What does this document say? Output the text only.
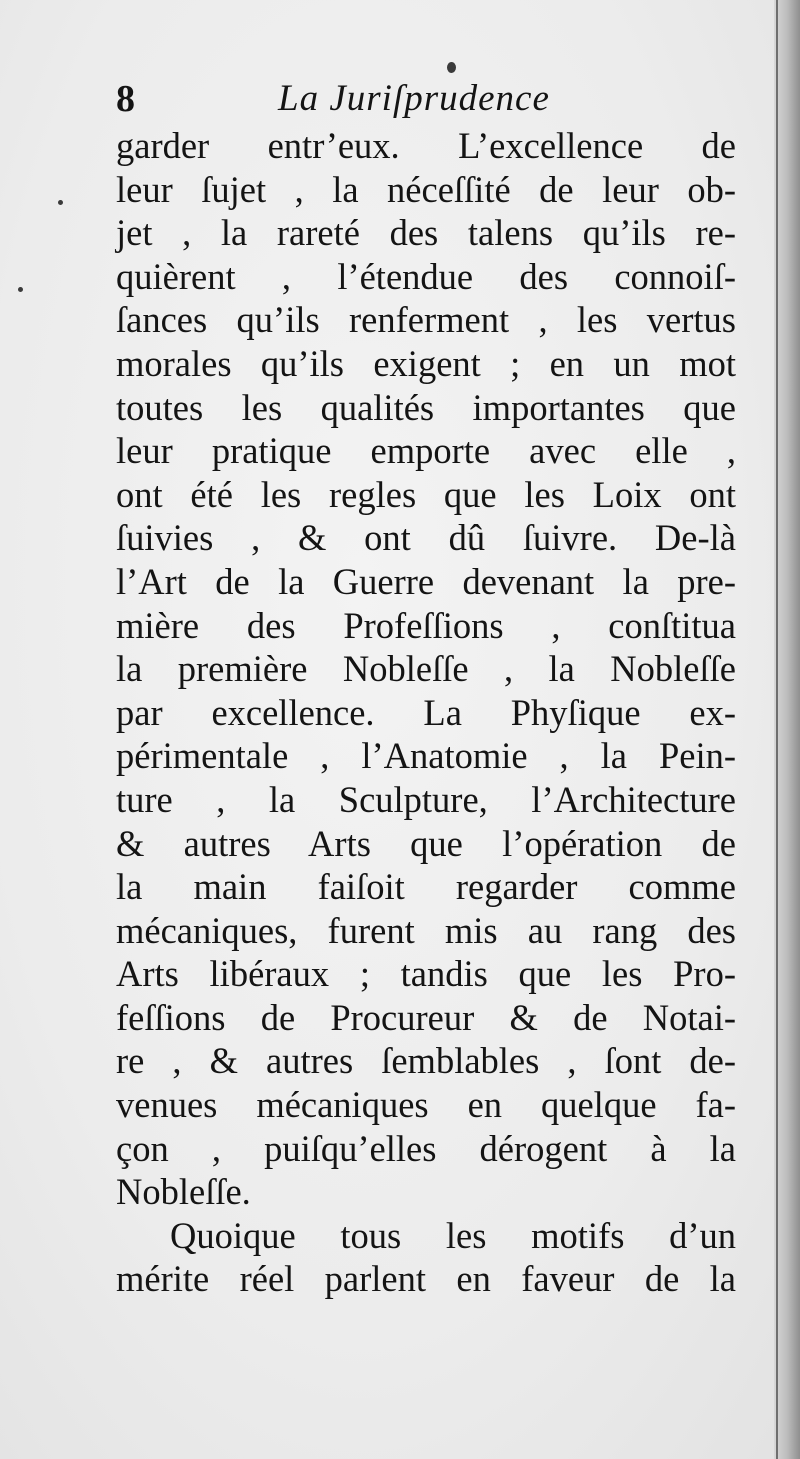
8	La Juriſprudence
garder entr’eux. L’excellence de
leur ſujet , la néceſſité de leur ob-
jet , la rareté des talens qu’ils re-
quièrent , l’étendue des connoiſ-
ſances qu’ils renferment , les vertus
morales qu’ils exigent ; en un mot
toutes les qualités importantes que
leur pratique emporte avec elle ,
ont été les regles que les Loix ont
ſuivies , & ont dû ſuivre. De-là
l’Art de la Guerre devenant la pre-
mière des Profeſſions , conſtitua
la première Nobleſſe , la Nobleſſe
par excellence. La Phyſique ex-
périmentale , l’Anatomie , la Pein-
ture , la Sculpture, l’Architecture
& autres Arts que l’opération de
la main faiſoit regarder comme
mécaniques, furent mis au rang des
Arts libéraux ; tandis que les Pro-
feſſions de Procureur & de Notai-
re , & autres ſemblables , ſont de-
venues mécaniques en quelque fa-
çon , puiſqu’elles dérogent à la
Nobleſſe.
Quoique tous les motifs d’un
mérite réel parlent en faveur de la
